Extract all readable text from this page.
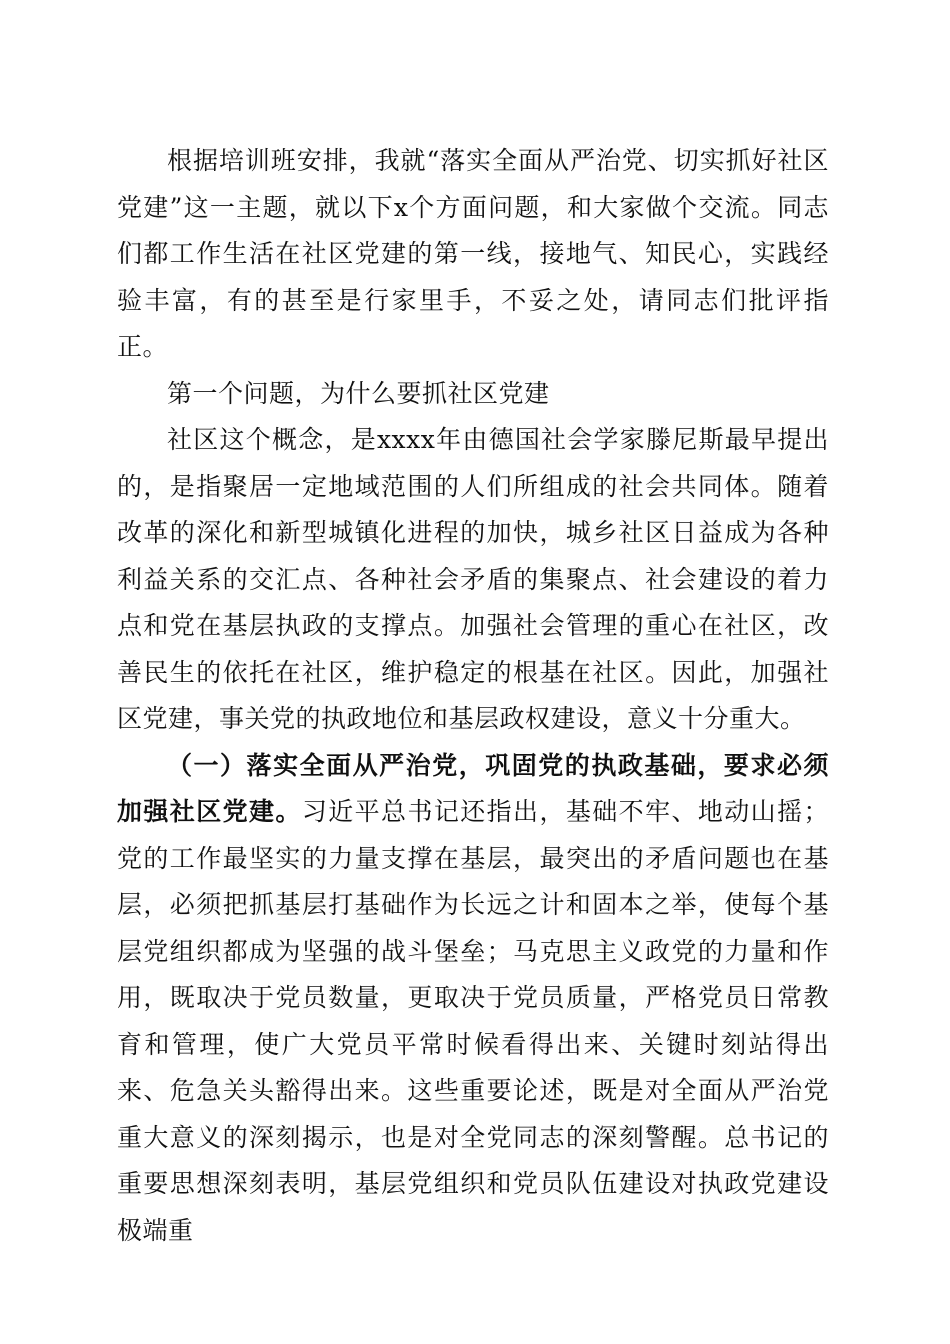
根据培训班安排，我就“落实全面从严治党、切实抓好社区党建”这一主题，就以下x个方面问题，和大家做个交流。同志们都工作生活在社区党建的第一线，接地气、知民心，实践经验丰富，有的甚至是行家里手，不妥之处，请同志们批评指正。

第一个问题，为什么要抓社区党建

社区这个概念，是xxxx年由德国社会学家滕尼斯最早提出的，是指聚居一定地域范围的人们所组成的社会共同体。随着改革的深化和新型城镇化进程的加快，城乡社区日益成为各种利益关系的交汇点、各种社会矛盾的集聚点、社会建设的着力点和党在基层执政的支撑点。加强社会管理的重心在社区，改善民生的依托在社区，维护稳定的根基在社区。因此，加强社区党建，事关党的执政地位和基层政权建设，意义十分重大。

（一）落实全面从严治党，巩固党的执政基础，要求必须加强社区党建。习近平总书记还指出，基础不牢、地动山摇；党的工作最坚实的力量支撑在基层，最突出的矛盾问题也在基层，必须把抓基层打基础作为长远之计和固本之举，使每个基层党组织都成为坚强的战斗堡垒；马克思主义政党的力量和作用，既取决于党员数量，更取决于党员质量，严格党员日常教育和管理，使广大党员平常时候看得出来、关键时刻站得出来、危急关头豁得出来。这些重要论述，既是对全面从严治党重大意义的深刻揭示，也是对全党同志的深刻警醒。总书记的重要思想深刻表明，基层党组织和党员队伍建设对执政党建设极端重
